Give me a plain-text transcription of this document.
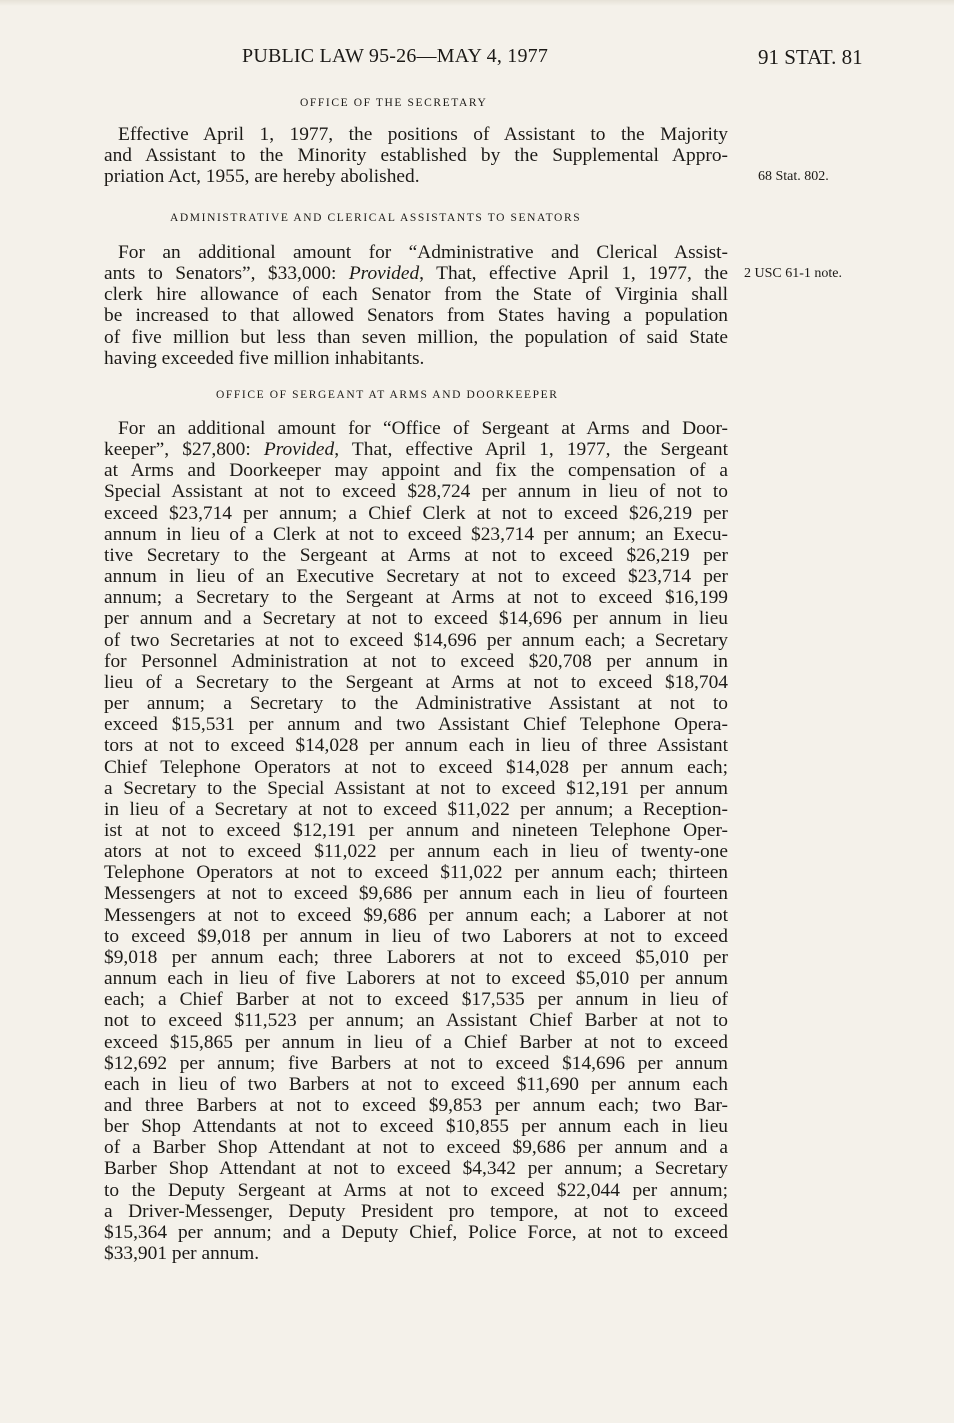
PUBLIC LAW 95-26—MAY 4, 1977	91 STAT. 81
OFFICE OF THE SECRETARY
Effective April 1, 1977, the positions of Assistant to the Majority
and Assistant to the Minority established by the Supplemental Appro-
priation Act, 1955, are hereby abolished.	68 Stat. 802.
ADMINISTRATIVE AND CLERICAL ASSISTANTS TO SENATORS
For an additional amount for “Administrative and Clerical Assist-
ants to Senators”, $33,000: Provided, That, effective April 1, 1977, the
clerk hire allowance of each Senator from the State of Virginia shall
be increased to that allowed Senators from States having a population
of five million but less than seven million, the population of said State
having exceeded five million inhabitants.
2 USC 61-1 note.
OFFICE OF SERGEANT AT ARMS AND DOORKEEPER
For an additional amount for “Office of Sergeant at Arms and Door-
keeper”, $27,800: Provided, That, effective April 1, 1977, the Sergeant
at Arms and Doorkeeper may appoint and fix the compensation of a
Special Assistant at not to exceed $28,724 per annum in lieu of not to
exceed $23,714 per annum; a Chief Clerk at not to exceed $26,219 per
annum in lieu of a Clerk at not to exceed $23,714 per annum; an Execu-
tive Secretary to the Sergeant at Arms at not to exceed $26,219 per
annum in lieu of an Executive Secretary at not to exceed $23,714 per
annum; a Secretary to the Sergeant at Arms at not to exceed $16,199
per annum and a Secretary at not to exceed $14,696 per annum in lieu
of two Secretaries at not to exceed $14,696 per annum each; a Secretary
for Personnel Administration at not to exceed $20,708 per annum in
lieu of a Secretary to the Sergeant at Arms at not to exceed $18,704
per annum; a Secretary to the Administrative Assistant at not to
exceed $15,531 per annum and two Assistant Chief Telephone Opera-
tors at not to exceed $14,028 per annum each in lieu of three Assistant
Chief Telephone Operators at not to exceed $14,028 per annum each;
a Secretary to the Special Assistant at not to exceed $12,191 per annum
in lieu of a Secretary at not to exceed $11,022 per annum; a Reception-
ist at not to exceed $12,191 per annum and nineteen Telephone Oper-
ators at not to exceed $11,022 per annum each in lieu of twenty-one
Telephone Operators at not to exceed $11,022 per annum each; thirteen
Messengers at not to exceed $9,686 per annum each in lieu of fourteen
Messengers at not to exceed $9,686 per annum each; a Laborer at not
to exceed $9,018 per annum in lieu of two Laborers at not to exceed
$9,018 per annum each; three Laborers at not to exceed $5,010 per
annum each in lieu of five Laborers at not to exceed $5,010 per annum
each; a Chief Barber at not to exceed $17,535 per annum in lieu of
not to exceed $11,523 per annum; an Assistant Chief Barber at not to
exceed $15,865 per annum in lieu of a Chief Barber at not to exceed
$12,692 per annum; five Barbers at not to exceed $14,696 per annum
each in lieu of two Barbers at not to exceed $11,690 per annum each
and three Barbers at not to exceed $9,853 per annum each; two Bar-
ber Shop Attendants at not to exceed $10,855 per annum each in lieu
of a Barber Shop Attendant at not to exceed $9,686 per annum and a
Barber Shop Attendant at not to exceed $4,342 per annum; a Secretary
to the Deputy Sergeant at Arms at not to exceed $22,044 per annum;
a Driver-Messenger, Deputy President pro tempore, at not to exceed
$15,364 per annum; and a Deputy Chief, Police Force, at not to exceed
$33,901 per annum.
